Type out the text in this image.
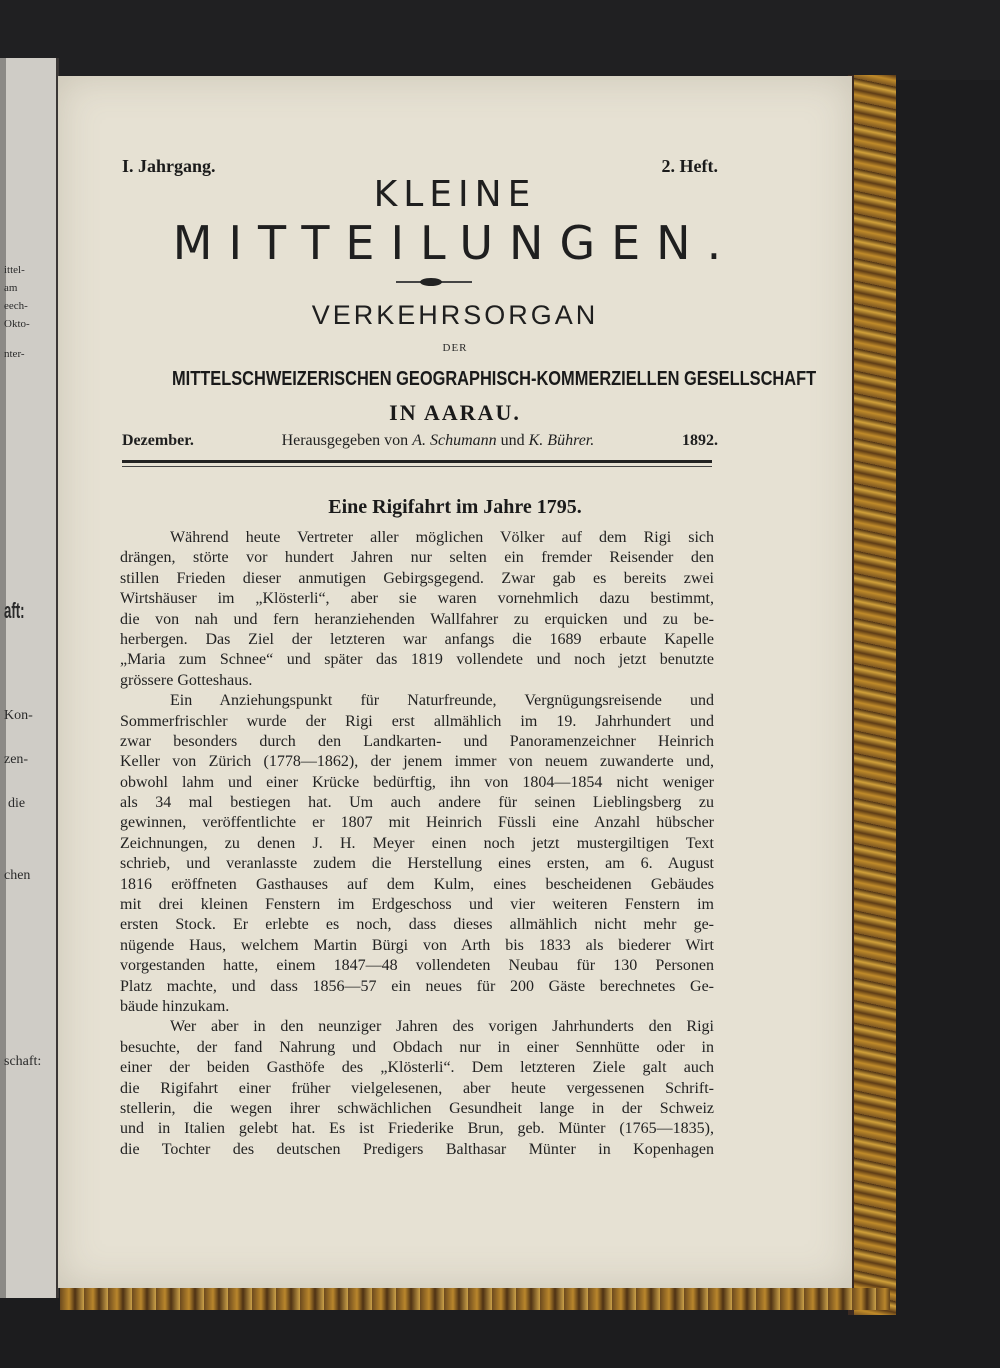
ittel-
am
eech-
Okto-
nter-
aft:
Kon-
zen-
die
chen
schaft:
I. Jahrgang.	2. Heft.
KLEINE
MITTEILUNGEN.
VERKEHRSORGAN
DER
MITTELSCHWEIZERISCHEN GEOGRAPHISCH-KOMMERZIELLEN GESELLSCHAFT
IN AARAU.
Dezember.	Herausgegeben von A. Schumann und K. Bührer.	1892.
Eine Rigifahrt im Jahre 1795.
Während heute Vertreter aller möglichen Völker auf dem Rigi sich
drängen, störte vor hundert Jahren nur selten ein fremder Reisender den
stillen Frieden dieser anmutigen Gebirgsgegend. Zwar gab es bereits zwei
Wirtshäuser im „Klösterli“, aber sie waren vornehmlich dazu bestimmt,
die von nah und fern heranziehenden Wallfahrer zu erquicken und zu be-
herbergen. Das Ziel der letzteren war anfangs die 1689 erbaute Kapelle
„Maria zum Schnee“ und später das 1819 vollendete und noch jetzt benutzte
grössere Gotteshaus.
Ein Anziehungspunkt für Naturfreunde, Vergnügungsreisende und
Sommerfrischler wurde der Rigi erst allmählich im 19. Jahrhundert und
zwar besonders durch den Landkarten- und Panoramenzeichner Heinrich
Keller von Zürich (1778—1862), der jenem immer von neuem zuwanderte und,
obwohl lahm und einer Krücke bedürftig, ihn von 1804—1854 nicht weniger
als 34 mal bestiegen hat. Um auch andere für seinen Lieblingsberg zu
gewinnen, veröffentlichte er 1807 mit Heinrich Füssli eine Anzahl hübscher
Zeichnungen, zu denen J. H. Meyer einen noch jetzt mustergiltigen Text
schrieb, und veranlasste zudem die Herstellung eines ersten, am 6. August
1816 eröffneten Gasthauses auf dem Kulm, eines bescheidenen Gebäudes
mit drei kleinen Fenstern im Erdgeschoss und vier weiteren Fenstern im
ersten Stock. Er erlebte es noch, dass dieses allmählich nicht mehr ge-
nügende Haus, welchem Martin Bürgi von Arth bis 1833 als biederer Wirt
vorgestanden hatte, einem 1847—48 vollendeten Neubau für 130 Personen
Platz machte, und dass 1856—57 ein neues für 200 Gäste berechnetes Ge-
bäude hinzukam.
Wer aber in den neunziger Jahren des vorigen Jahrhunderts den Rigi
besuchte, der fand Nahrung und Obdach nur in einer Sennhütte oder in
einer der beiden Gasthöfe des „Klösterli“. Dem letzteren Ziele galt auch
die Rigifahrt einer früher vielgelesenen, aber heute vergessenen Schrift-
stellerin, die wegen ihrer schwächlichen Gesundheit lange in der Schweiz
und in Italien gelebt hat. Es ist Friederike Brun, geb. Münter (1765—1835),
die Tochter des deutschen Predigers Balthasar Münter in Kopenhagen
